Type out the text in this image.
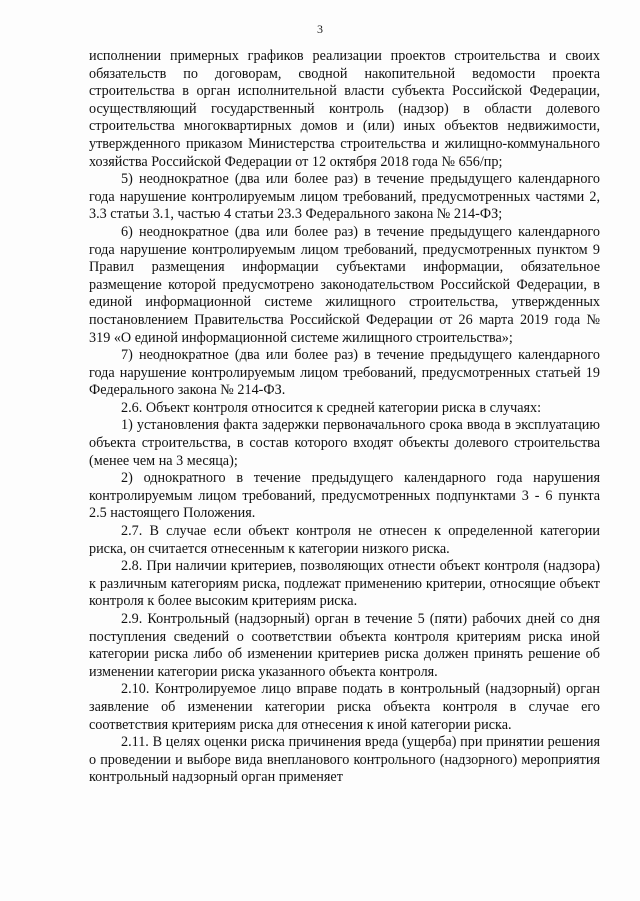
3

исполнении примерных графиков реализации проектов строительства и своих обязательств по договорам, сводной накопительной ведомости проекта строительства в орган исполнительной власти субъекта Российской Федерации, осуществляющий государственный контроль (надзор) в области долевого строительства многоквартирных домов и (или) иных объектов недвижимости, утвержденного приказом Министерства строительства и жилищно-коммунального хозяйства Российской Федерации от 12 октября 2018 года № 656/пр;

5) неоднократное (два или более раз) в течение предыдущего календарного года нарушение контролируемым лицом требований, предусмотренных частями 2, 3.3 статьи 3.1, частью 4 статьи 23.3 Федерального закона № 214-ФЗ;

6) неоднократное (два или более раз) в течение предыдущего календарного года нарушение контролируемым лицом требований, предусмотренных пунктом 9 Правил размещения информации субъектами информации, обязательное размещение которой предусмотрено законодательством Российской Федерации, в единой информационной системе жилищного строительства, утвержденных постановлением Правительства Российской Федерации от 26 марта 2019 года № 319 «О единой информационной системе жилищного строительства»;

7) неоднократное (два или более раз) в течение предыдущего календарного года нарушение контролируемым лицом требований, предусмотренных статьей 19 Федерального закона № 214-ФЗ.

2.6. Объект контроля относится к средней категории риска в случаях:

1) установления факта задержки первоначального срока ввода в эксплуатацию объекта строительства, в состав которого входят объекты долевого строительства (менее чем на 3 месяца);

2) однократного в течение предыдущего календарного года нарушения контролируемым лицом требований, предусмотренных подпунктами 3 - 6 пункта 2.5 настоящего Положения.

2.7. В случае если объект контроля не отнесен к определенной категории риска, он считается отнесенным к категории низкого риска.

2.8. При наличии критериев, позволяющих отнести объект контроля (надзора) к различным категориям риска, подлежат применению критерии, относящие объект контроля к более высоким критериям риска.

2.9. Контрольный (надзорный) орган в течение 5 (пяти) рабочих дней со дня поступления сведений о соответствии объекта контроля критериям риска иной категории риска либо об изменении критериев риска должен принять решение об изменении категории риска указанного объекта контроля.

2.10. Контролируемое лицо вправе подать в контрольный (надзорный) орган заявление об изменении категории риска объекта контроля в случае его соответствия критериям риска для отнесения к иной категории риска.

2.11. В целях оценки риска причинения вреда (ущерба) при принятии решения о проведении и выборе вида внепланового контрольного (надзорного) мероприятия контрольный надзорный орган применяет
